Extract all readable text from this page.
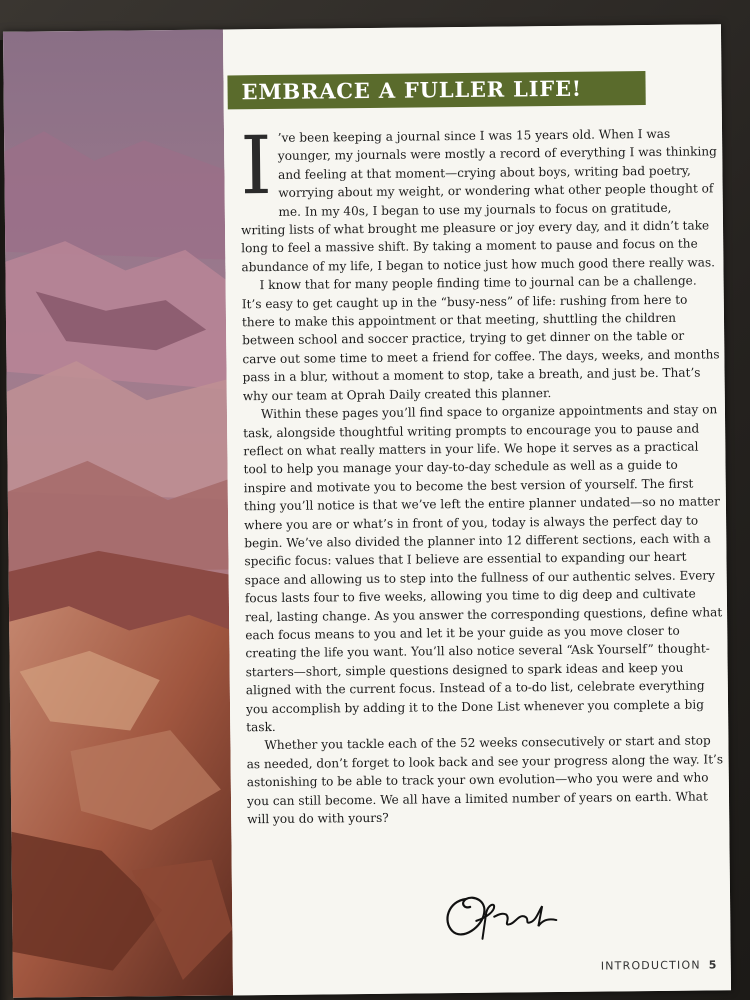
EMBRACE A FULLER LIFE!

I ’ve been keeping a journal since I was 15 years old. When I was younger, my journals were mostly a record of everything I was thinking and feeling at that moment—crying about boys, writing bad poetry, worrying about my weight, or wondering what other people thought of me. In my 40s, I began to use my journals to focus on gratitude, writing lists of what brought me pleasure or joy every day, and it didn’t take long to feel a massive shift. By taking a moment to pause and focus on the abundance of my life, I began to notice just how much good there really was.

I know that for many people finding time to journal can be a challenge. It’s easy to get caught up in the “busy-ness” of life: rushing from here to there to make this appointment or that meeting, shuttling the children between school and soccer practice, trying to get dinner on the table or carve out some time to meet a friend for coffee. The days, weeks, and months pass in a blur, without a moment to stop, take a breath, and just be. That’s why our team at Oprah Daily created this planner.

Within these pages you’ll find space to organize appointments and stay on task, alongside thoughtful writing prompts to encourage you to pause and reflect on what really matters in your life. We hope it serves as a practical tool to help you manage your day-to-day schedule as well as a guide to inspire and motivate you to become the best version of yourself. The first thing you’ll notice is that we’ve left the entire planner undated—so no matter where you are or what’s in front of you, today is always the perfect day to begin. We’ve also divided the planner into 12 different sections, each with a specific focus: values that I believe are essential to expanding our heart space and allowing us to step into the fullness of our authentic selves. Every focus lasts four to five weeks, allowing you time to dig deep and cultivate real, lasting change. As you answer the corresponding questions, define what each focus means to you and let it be your guide as you move closer to creating the life you want. You’ll also notice several “Ask Yourself” thought-starters—short, simple questions designed to spark ideas and keep you aligned with the current focus. Instead of a to-do list, celebrate everything you accomplish by adding it to the Done List whenever you complete a big task.

Whether you tackle each of the 52 weeks consecutively or start and stop as needed, don’t forget to look back and see your progress along the way. It’s astonishing to be able to track your own evolution—who you were and who you can still become. We all have a limited number of years on earth. What will you do with yours?

INTRODUCTION 5
